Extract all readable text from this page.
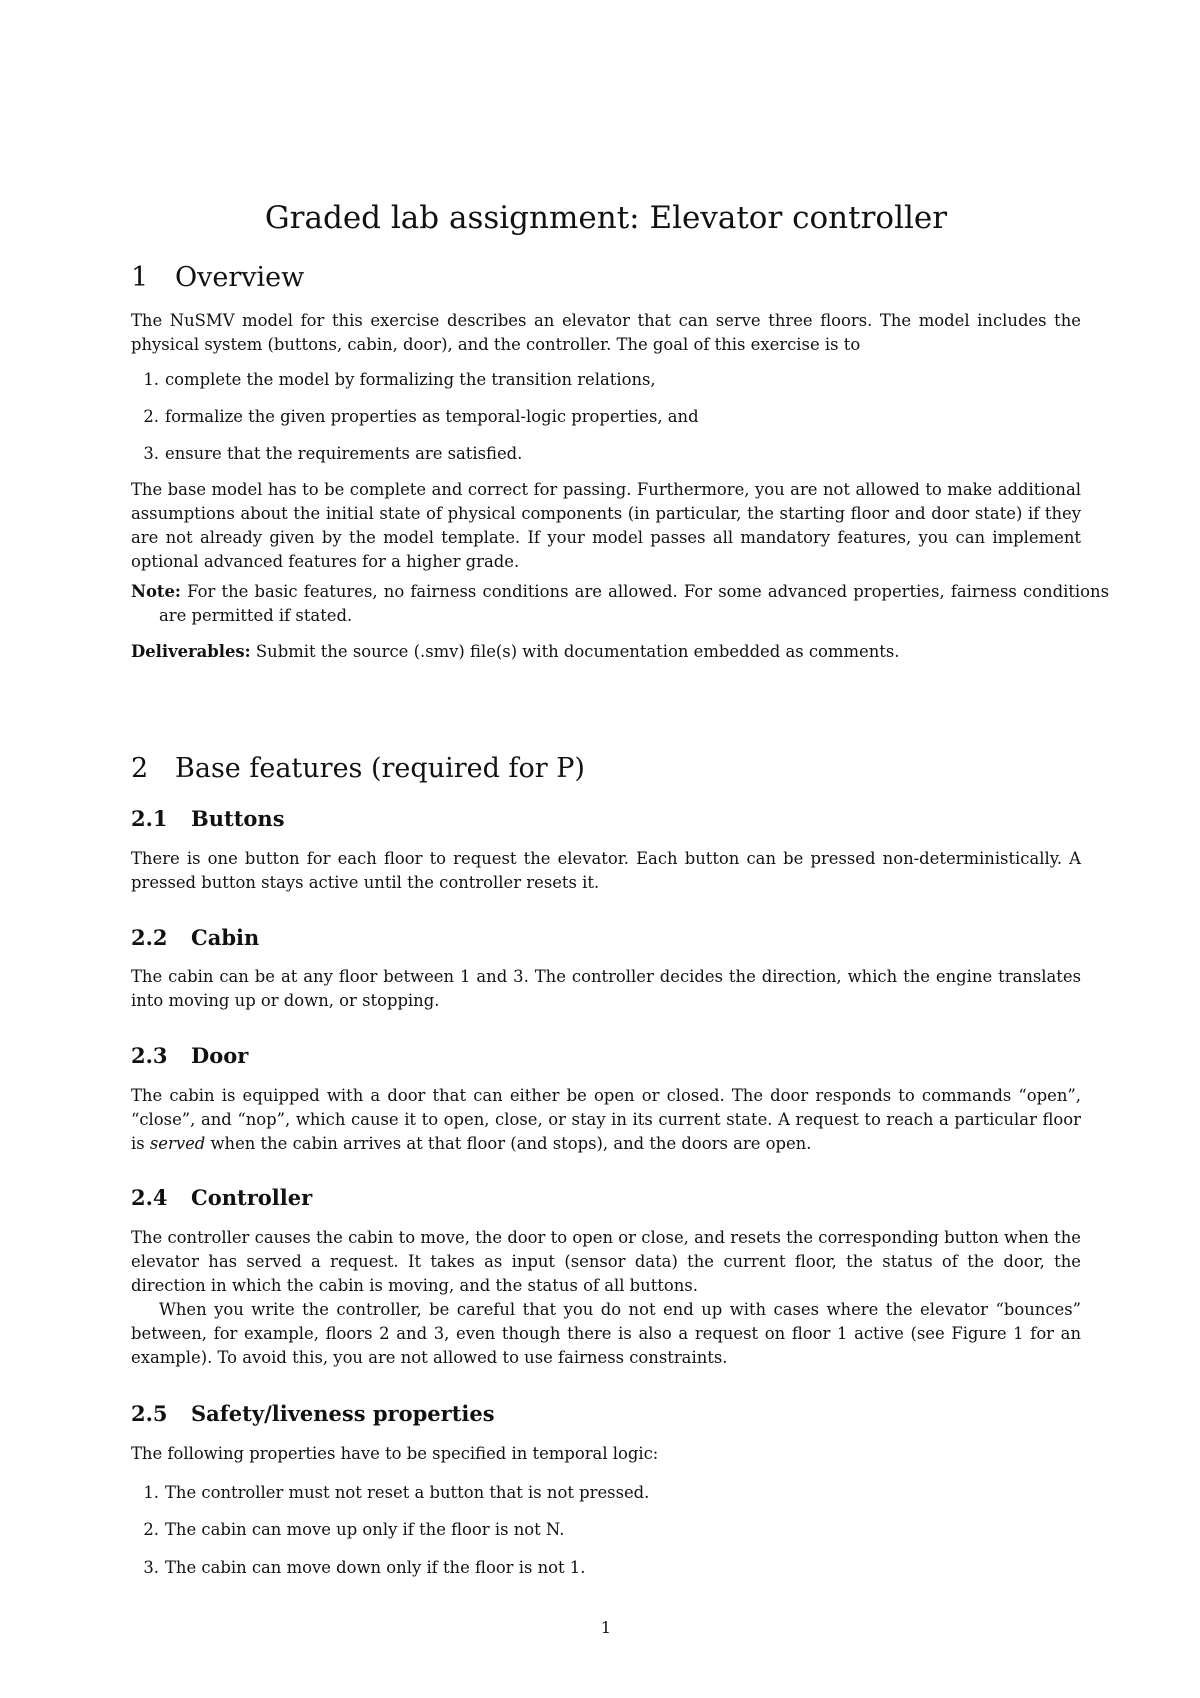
Graded lab assignment: Elevator controller
1 Overview

The NuSMV model for this exercise describes an elevator that can serve three floors. The model includes the physical system (buttons, cabin, door), and the controller. The goal of this exercise is to

1. complete the model by formalizing the transition relations,
2. formalize the given properties as temporal-logic properties, and
3. ensure that the requirements are satisfied.

The base model has to be complete and correct for passing. Furthermore, you are not allowed to make additional assumptions about the initial state of physical components (in particular, the starting floor and door state) if they are not already given by the model template. If your model passes all mandatory features, you can implement optional advanced features for a higher grade.

Note: For the basic features, no fairness conditions are allowed. For some advanced properties, fairness conditions are permitted if stated.

Deliverables: Submit the source (.smv) file(s) with documentation embedded as comments.

2 Base features (required for P)
2.1 Buttons

There is one button for each floor to request the elevator. Each button can be pressed non-deterministically. A pressed button stays active until the controller resets it.

2.2 Cabin

The cabin can be at any floor between 1 and 3. The controller decides the direction, which the engine translates into moving up or down, or stopping.

2.3 Door

The cabin is equipped with a door that can either be open or closed. The door responds to commands “open”, “close”, and “nop”, which cause it to open, close, or stay in its current state. A request to reach a particular floor is served when the cabin arrives at that floor (and stops), and the doors are open.

2.4 Controller

The controller causes the cabin to move, the door to open or close, and resets the corresponding button when the elevator has served a request. It takes as input (sensor data) the current floor, the status of the door, the direction in which the cabin is moving, and the status of all buttons.

When you write the controller, be careful that you do not end up with cases where the elevator “bounces” between, for example, floors 2 and 3, even though there is also a request on floor 1 active (see Figure 1 for an example). To avoid this, you are not allowed to use fairness constraints.

2.5 Safety/liveness properties

The following properties have to be specified in temporal logic:

1. The controller must not reset a button that is not pressed.
2. The cabin can move up only if the floor is not N.
3. The cabin can move down only if the floor is not 1.
1
